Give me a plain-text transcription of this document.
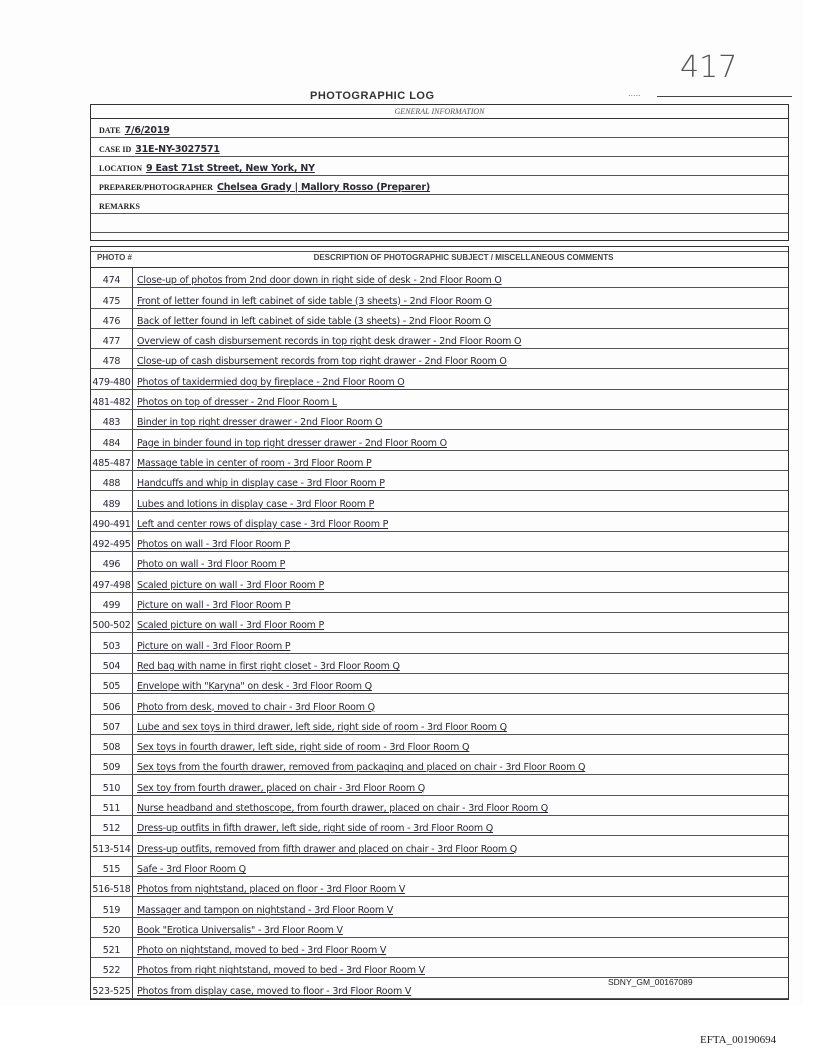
PHOTOGRAPHIC LOG	.....
417
GENERAL INFORMATION
DATE 7/6/2019
CASE ID 31E-NY-3027571
LOCATION 9 East 71st Street, New York, NY
PREPARER/PHOTOGRAPHER Chelsea Grady | Mallory Rosso (Preparer)
REMARKS
PHOTO #	DESCRIPTION OF PHOTOGRAPHIC SUBJECT / MISCELLANEOUS COMMENTS
474	Close-up of photos from 2nd door down in right side of desk - 2nd Floor Room O
475	Front of letter found in left cabinet of side table (3 sheets) - 2nd Floor Room O
476	Back of letter found in left cabinet of side table (3 sheets) - 2nd Floor Room O
477	Overview of cash disbursement records in top right desk drawer - 2nd Floor Room O
478	Close-up of cash disbursement records from top right drawer - 2nd Floor Room O
479-480 Photos of taxidermied dog by fireplace - 2nd Floor Room O
481-482 Photos on top of dresser - 2nd Floor Room L
483	Binder in top right dresser drawer - 2nd Floor Room O
484	Page in binder found in top right dresser drawer - 2nd Floor Room O
485-487 Massage table in center of room - 3rd Floor Room P
488	Handcuffs and whip in display case - 3rd Floor Room P
489	Lubes and lotions in display case - 3rd Floor Room P
490-491 Left and center rows of display case - 3rd Floor Room P
492-495 Photos on wall - 3rd Floor Room P
496	Photo on wall - 3rd Floor Room P
497-498 Scaled picture on wall - 3rd Floor Room P
499	Picture on wall - 3rd Floor Room P
500-502 Scaled picture on wall - 3rd Floor Room P
503	Picture on wall - 3rd Floor Room P
504	Red bag with name in first right closet - 3rd Floor Room Q
505	Envelope with "Karyna" on desk - 3rd Floor Room Q
506	Photo from desk, moved to chair - 3rd Floor Room Q
507	Lube and sex toys in third drawer, left side, right side of room - 3rd Floor Room Q
508	Sex toys in fourth drawer, left side, right side of room - 3rd Floor Room Q
509	Sex toys from the fourth drawer, removed from packaging and placed on chair - 3rd Floor Room Q
510	Sex toy from fourth drawer, placed on chair - 3rd Floor Room Q
511	Nurse headband and stethoscope, from fourth drawer, placed on chair - 3rd Floor Room Q
512	Dress-up outfits in fifth drawer, left side, right side of room - 3rd Floor Room Q
513-514 Dress-up outfits, removed from fifth drawer and placed on chair - 3rd Floor Room Q
515	Safe - 3rd Floor Room Q
516-518 Photos from nightstand, placed on floor - 3rd Floor Room V
519	Massager and tampon on nightstand - 3rd Floor Room V
520	Book "Erotica Universalis" - 3rd Floor Room V
521	Photo on nightstand, moved to bed - 3rd Floor Room V
522	Photos from right nightstand, moved to bed - 3rd Floor Room V
523-525 Photos from display case, moved to floor - 3rd Floor Room V
SDNY_GM_00167089
EFTA_00190694
